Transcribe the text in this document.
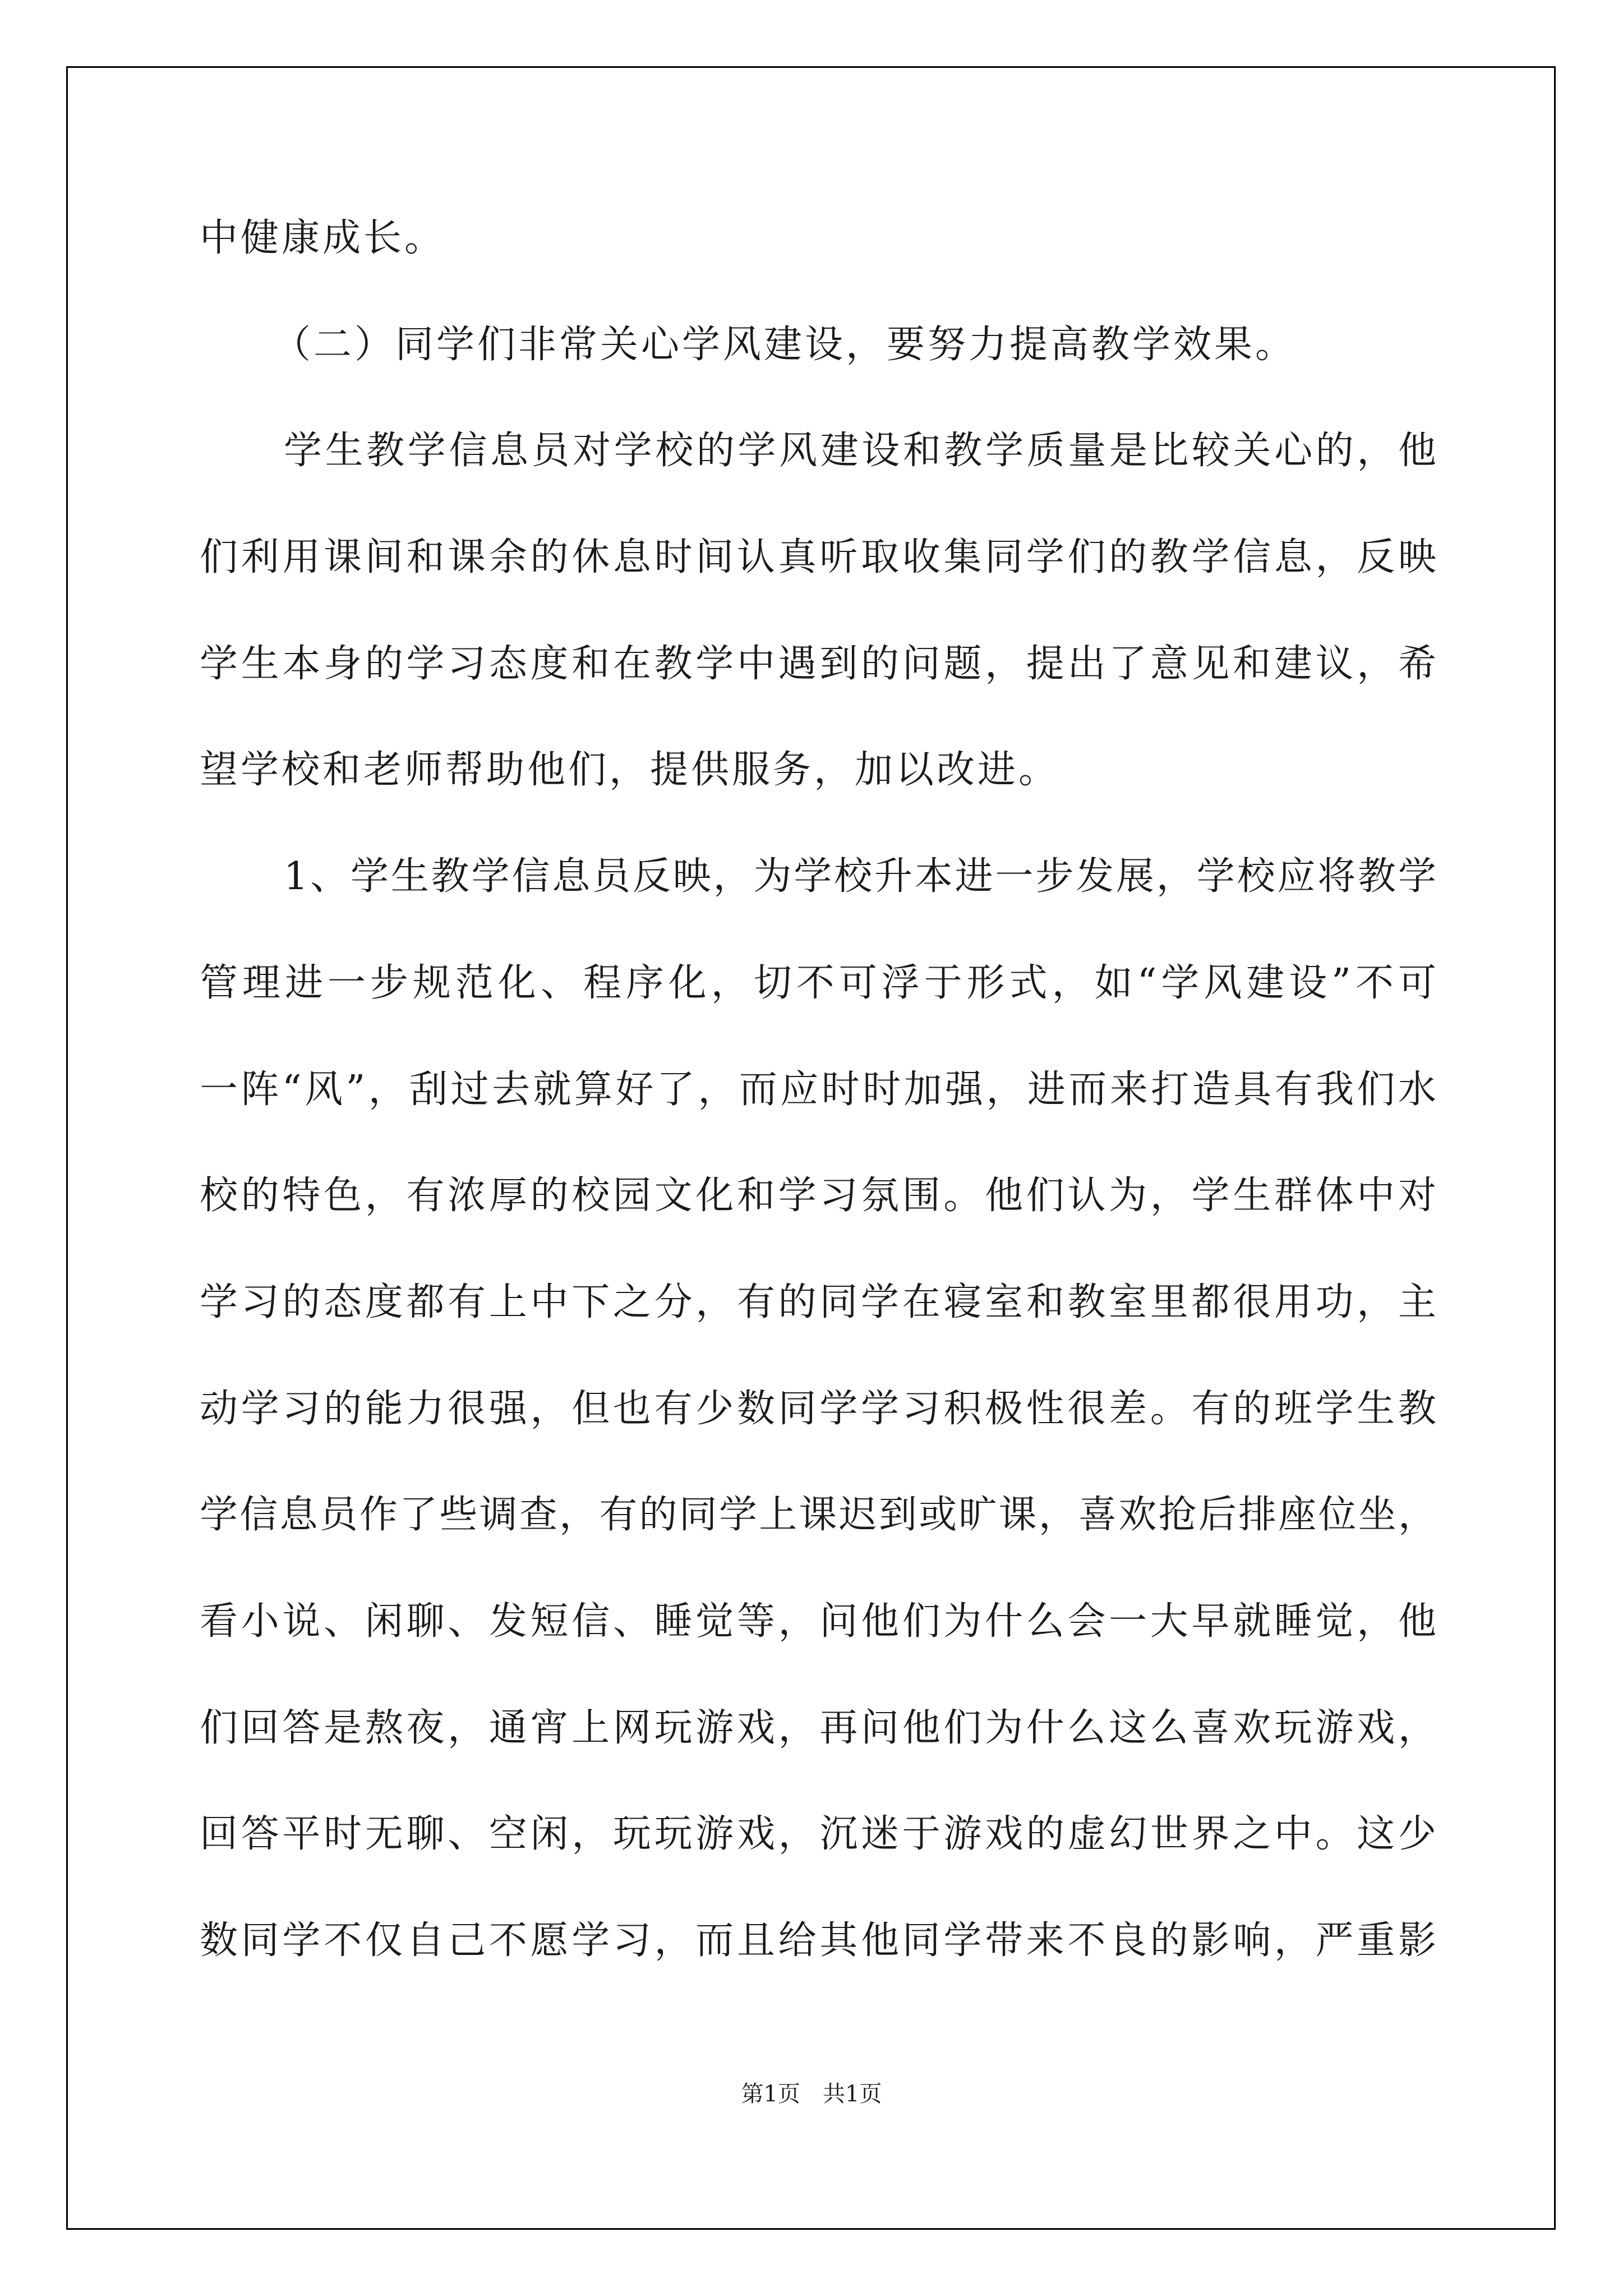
中健康成长。
（二）同学们非常关心学风建设，要努力提高教学效果。
学生教学信息员对学校的学风建设和教学质量是比较关心的，他
们利用课间和课余的休息时间认真听取收集同学们的教学信息，反映
学生本身的学习态度和在教学中遇到的问题，提出了意见和建议，希
望学校和老师帮助他们，提供服务，加以改进。
1、学生教学信息员反映，为学校升本进一步发展，学校应将教学
管理进一步规范化、程序化，切不可浮于形式，如“学风建设”不可
一阵“风”，刮过去就算好了，而应时时加强，进而来打造具有我们水
校的特色，有浓厚的校园文化和学习氛围。他们认为，学生群体中对
学习的态度都有上中下之分，有的同学在寝室和教室里都很用功，主
动学习的能力很强，但也有少数同学学习积极性很差。有的班学生教
学信息员作了些调查，有的同学上课迟到或旷课，喜欢抢后排座位坐，
看小说、闲聊、发短信、睡觉等，问他们为什么会一大早就睡觉，他
们回答是熬夜，通宵上网玩游戏，再问他们为什么这么喜欢玩游戏，
回答平时无聊、空闲，玩玩游戏，沉迷于游戏的虚幻世界之中。这少
数同学不仅自己不愿学习，而且给其他同学带来不良的影响，严重影
第1页 共1页
